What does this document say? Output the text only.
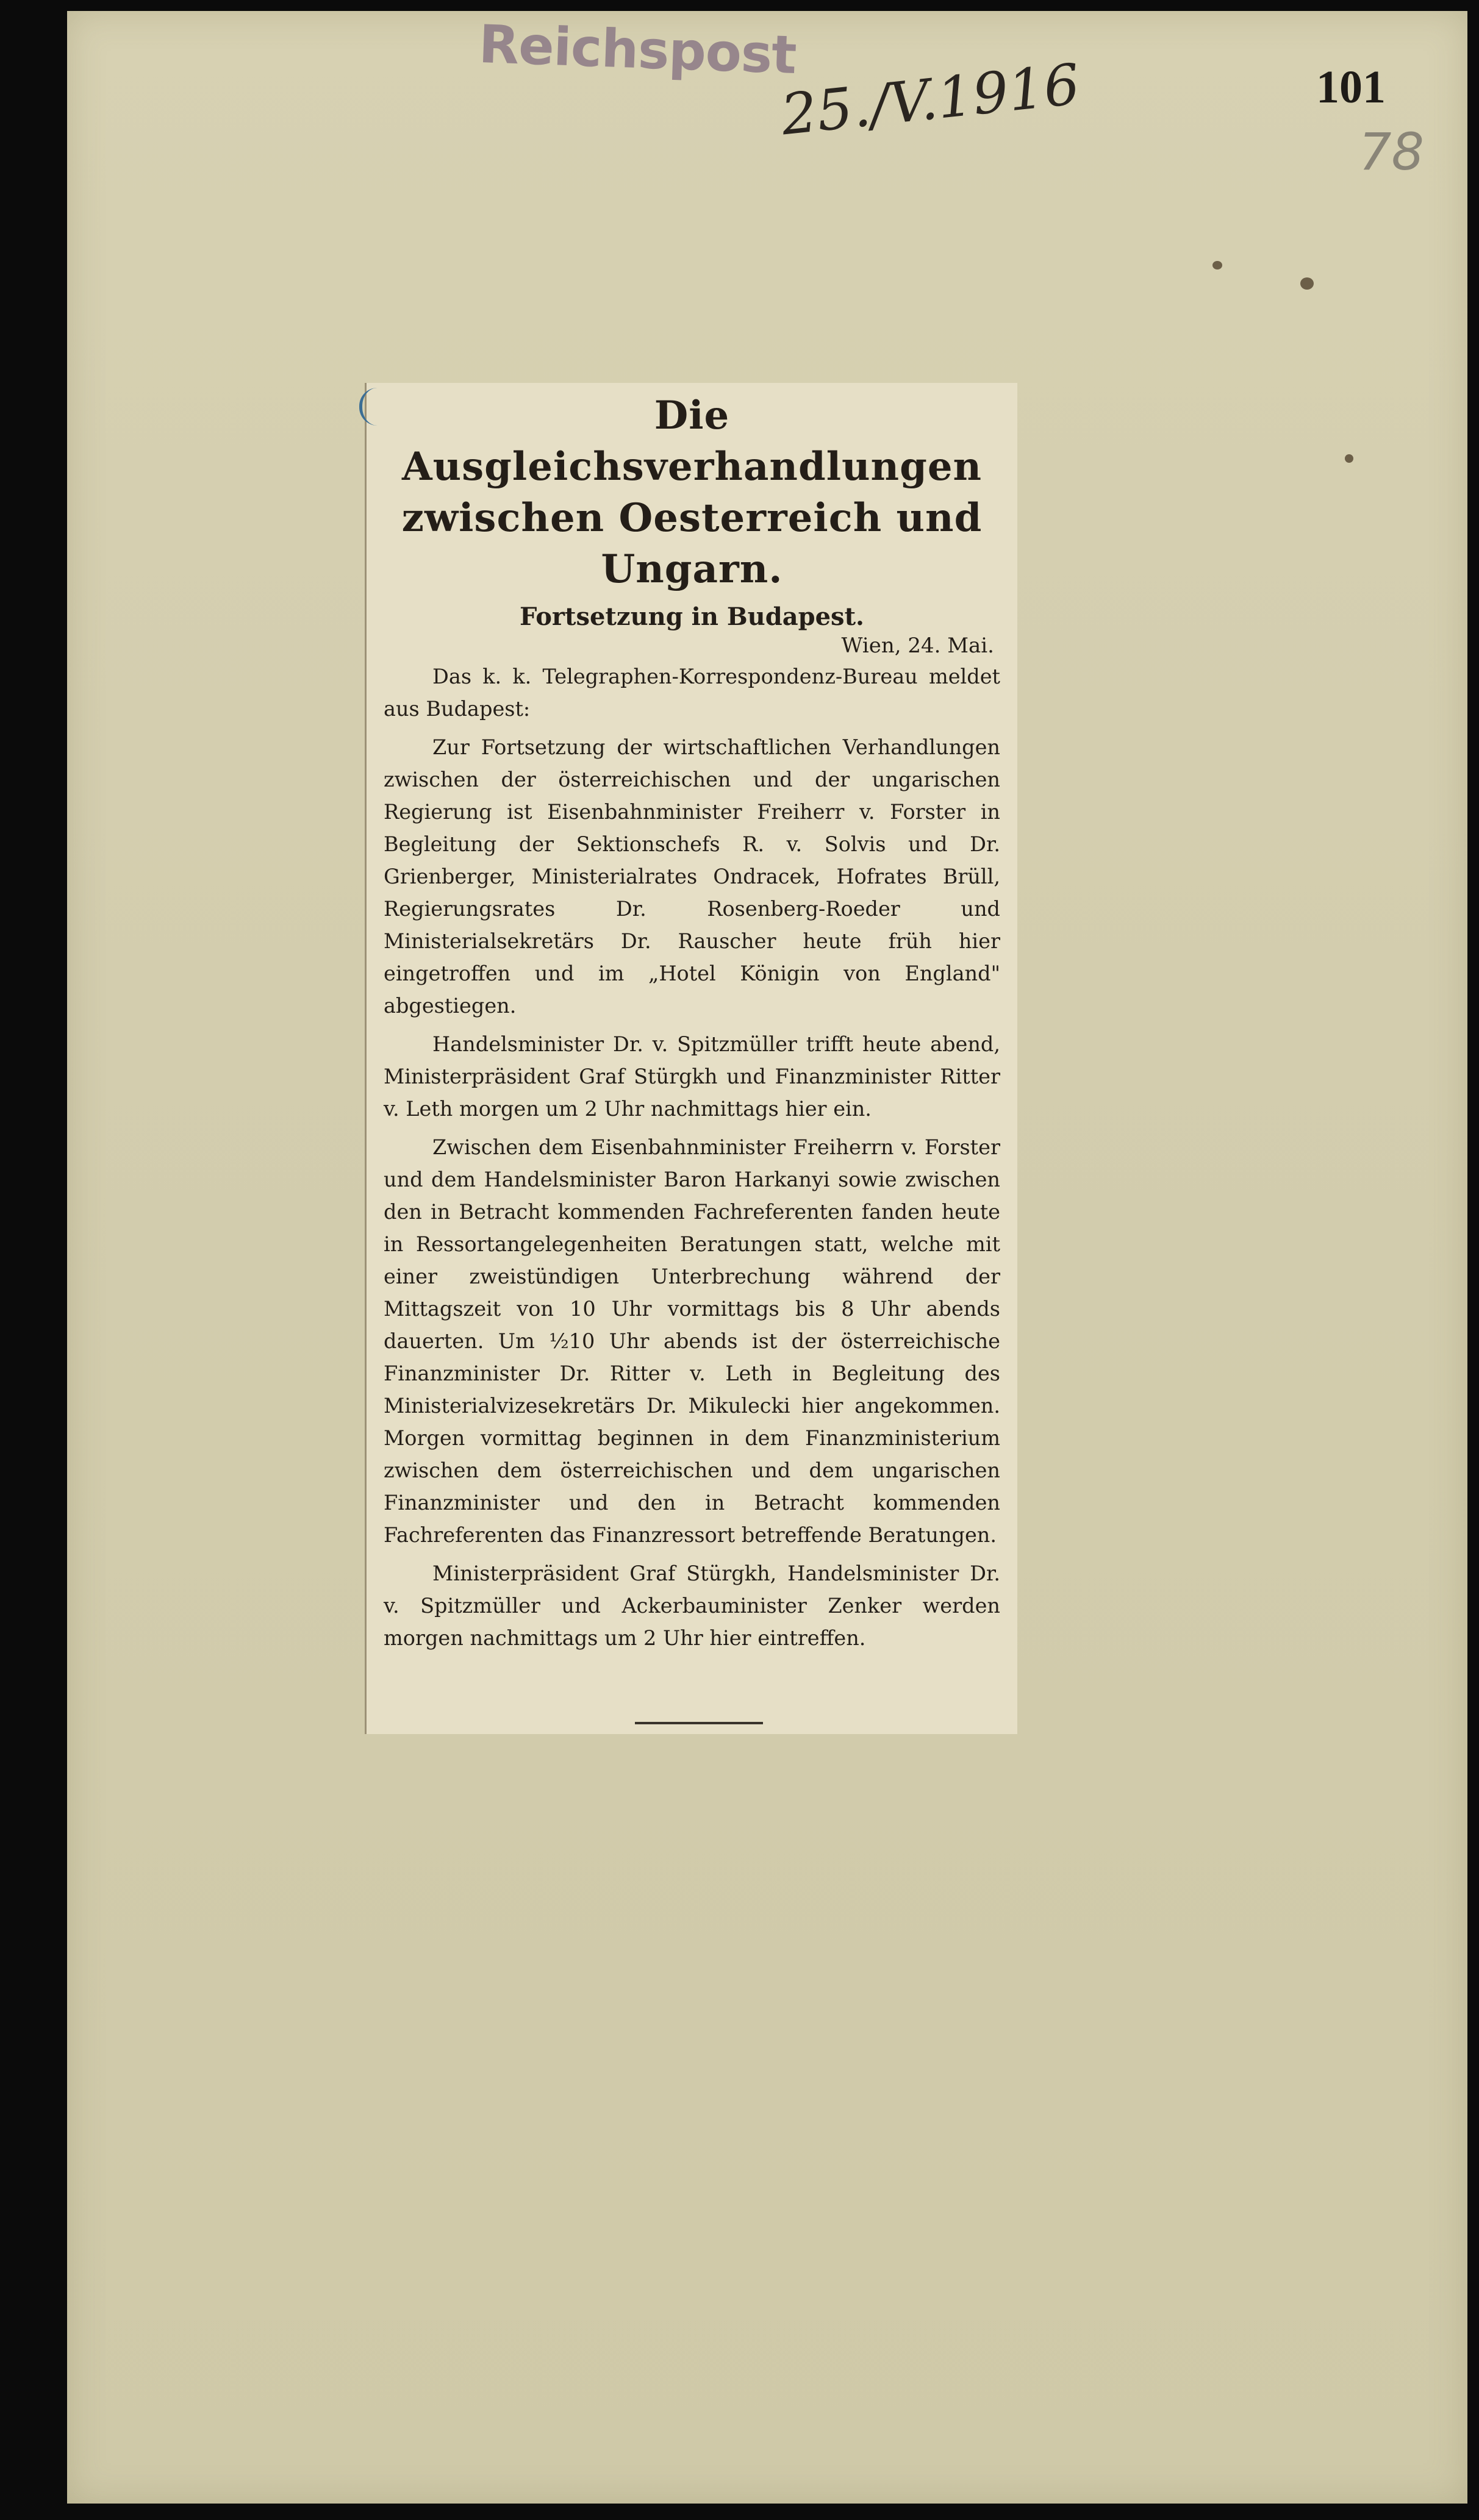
Reichspost
25./V.1916	101
78
Die Ausgleichsverhandlungen zwischen Oesterreich und Ungarn.
Fortsetzung in Budapest.
Wien, 24. Mai.

Das k. k. Telegraphen-Korrespondenz-Bureau meldet aus Budapest:

Zur Fortsetzung der wirtschaftlichen Verhandlungen zwischen der österreichischen und der ungarischen Regierung ist Eisenbahnminister Freiherr v. Forster in Begleitung der Sektionschefs R. v. Solvis und Dr. Grienberger, Ministerialrates Ondracek, Hofrates Brüll, Regierungsrates Dr. Rosenberg-Roeder und Ministerialsekretärs Dr. Rauscher heute früh hier eingetroffen und im „Hotel Königin von England" abgestiegen.

Handelsminister Dr. v. Spitzmüller trifft heute abend, Ministerpräsident Graf Stürgkh und Finanzminister Ritter v. Leth morgen um 2 Uhr nachmittags hier ein.

Zwischen dem Eisenbahnminister Freiherrn v. Forster und dem Handelsminister Baron Harkanyi sowie zwischen den in Betracht kommenden Fachreferenten fanden heute in Ressortangelegenheiten Beratungen statt, welche mit einer zweistündigen Unterbrechung während der Mittagszeit von 10 Uhr vormittags bis 8 Uhr abends dauerten. Um ½10 Uhr abends ist der österreichische Finanzminister Dr. Ritter v. Leth in Begleitung des Ministerialvizesekretärs Dr. Mikulecki hier angekommen. Morgen vormittag beginnen in dem Finanzministerium zwischen dem österreichischen und dem ungarischen Finanzminister und den in Betracht kommenden Fachreferenten das Finanzressort betreffende Beratungen.

Ministerpräsident Graf Stürgkh, Handelsminister Dr. v. Spitzmüller und Ackerbauminister Zenker werden morgen nachmittags um 2 Uhr hier eintreffen.
